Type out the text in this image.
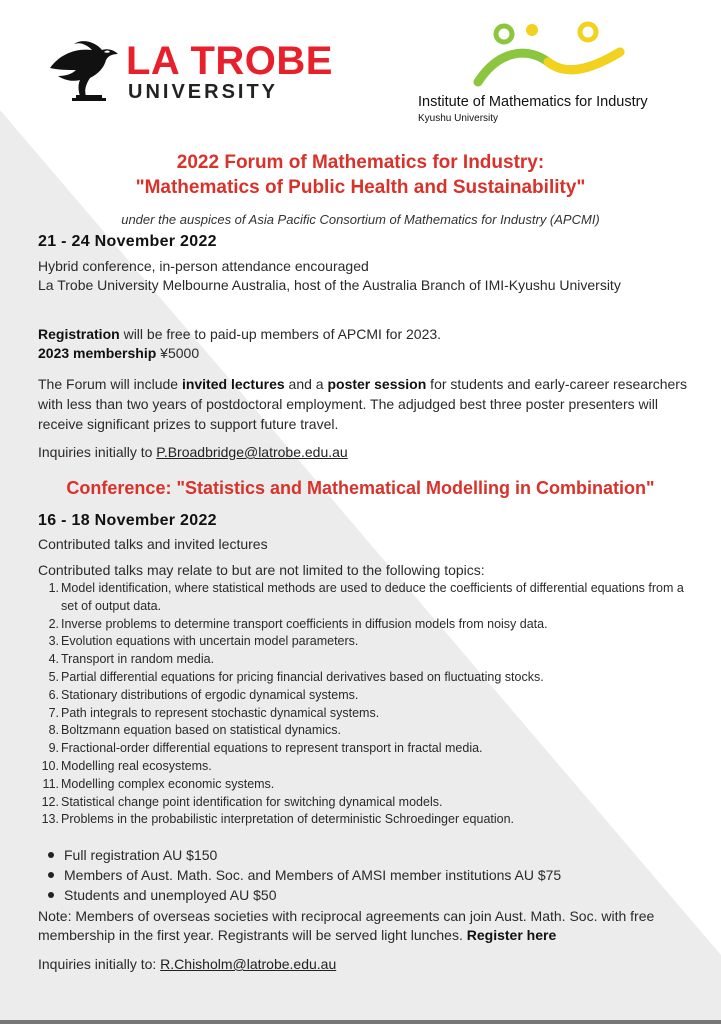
LA TROBE
UNIVERSITY	Institute of Mathematics for Industry
Kyushu University
2022 Forum of Mathematics for Industry:
"Mathematics of Public Health and Sustainability"
under the auspices of Asia Pacific Consortium of Mathematics for Industry (APCMI)
21 - 24 November 2022
Hybrid conference, in-person attendance encouraged
La Trobe University Melbourne Australia, host of the Australia Branch of IMI-Kyushu University
Registration will be free to paid-up members of APCMI for 2023.
2023 membership ¥5000
The Forum will include invited lectures and a poster session for students and early-career researchers with less than two years of postdoctoral employment. The adjudged best three poster presenters will receive significant prizes to support future travel.
Inquiries initially to P.Broadbridge@latrobe.edu.au
Conference: "Statistics and Mathematical Modelling in Combination"
16 - 18 November 2022
Contributed talks and invited lectures
Contributed talks may relate to but are not limited to the following topics:
1. Model identification, where statistical methods are used to deduce the coefficients of differential equations from a set of output data.
2. Inverse problems to determine transport coefficients in diffusion models from noisy data.
3. Evolution equations with uncertain model parameters.
4. Transport in random media.
5. Partial differential equations for pricing financial derivatives based on fluctuating stocks.
6. Stationary distributions of ergodic dynamical systems.
7. Path integrals to represent stochastic dynamical systems.
8. Boltzmann equation based on statistical dynamics.
9. Fractional-order differential equations to represent transport in fractal media.
10. Modelling real ecosystems.
11. Modelling complex economic systems.
12. Statistical change point identification for switching dynamical models.
13. Problems in the probabilistic interpretation of deterministic Schroedinger equation.
Full registration AU $150
Members of Aust. Math. Soc. and Members of AMSI member institutions AU $75
Students and unemployed AU $50
Note: Members of overseas societies with reciprocal agreements can join Aust. Math. Soc. with free membership in the first year. Registrants will be served light lunches. Register here
Inquiries initially to: R.Chisholm@latrobe.edu.au
